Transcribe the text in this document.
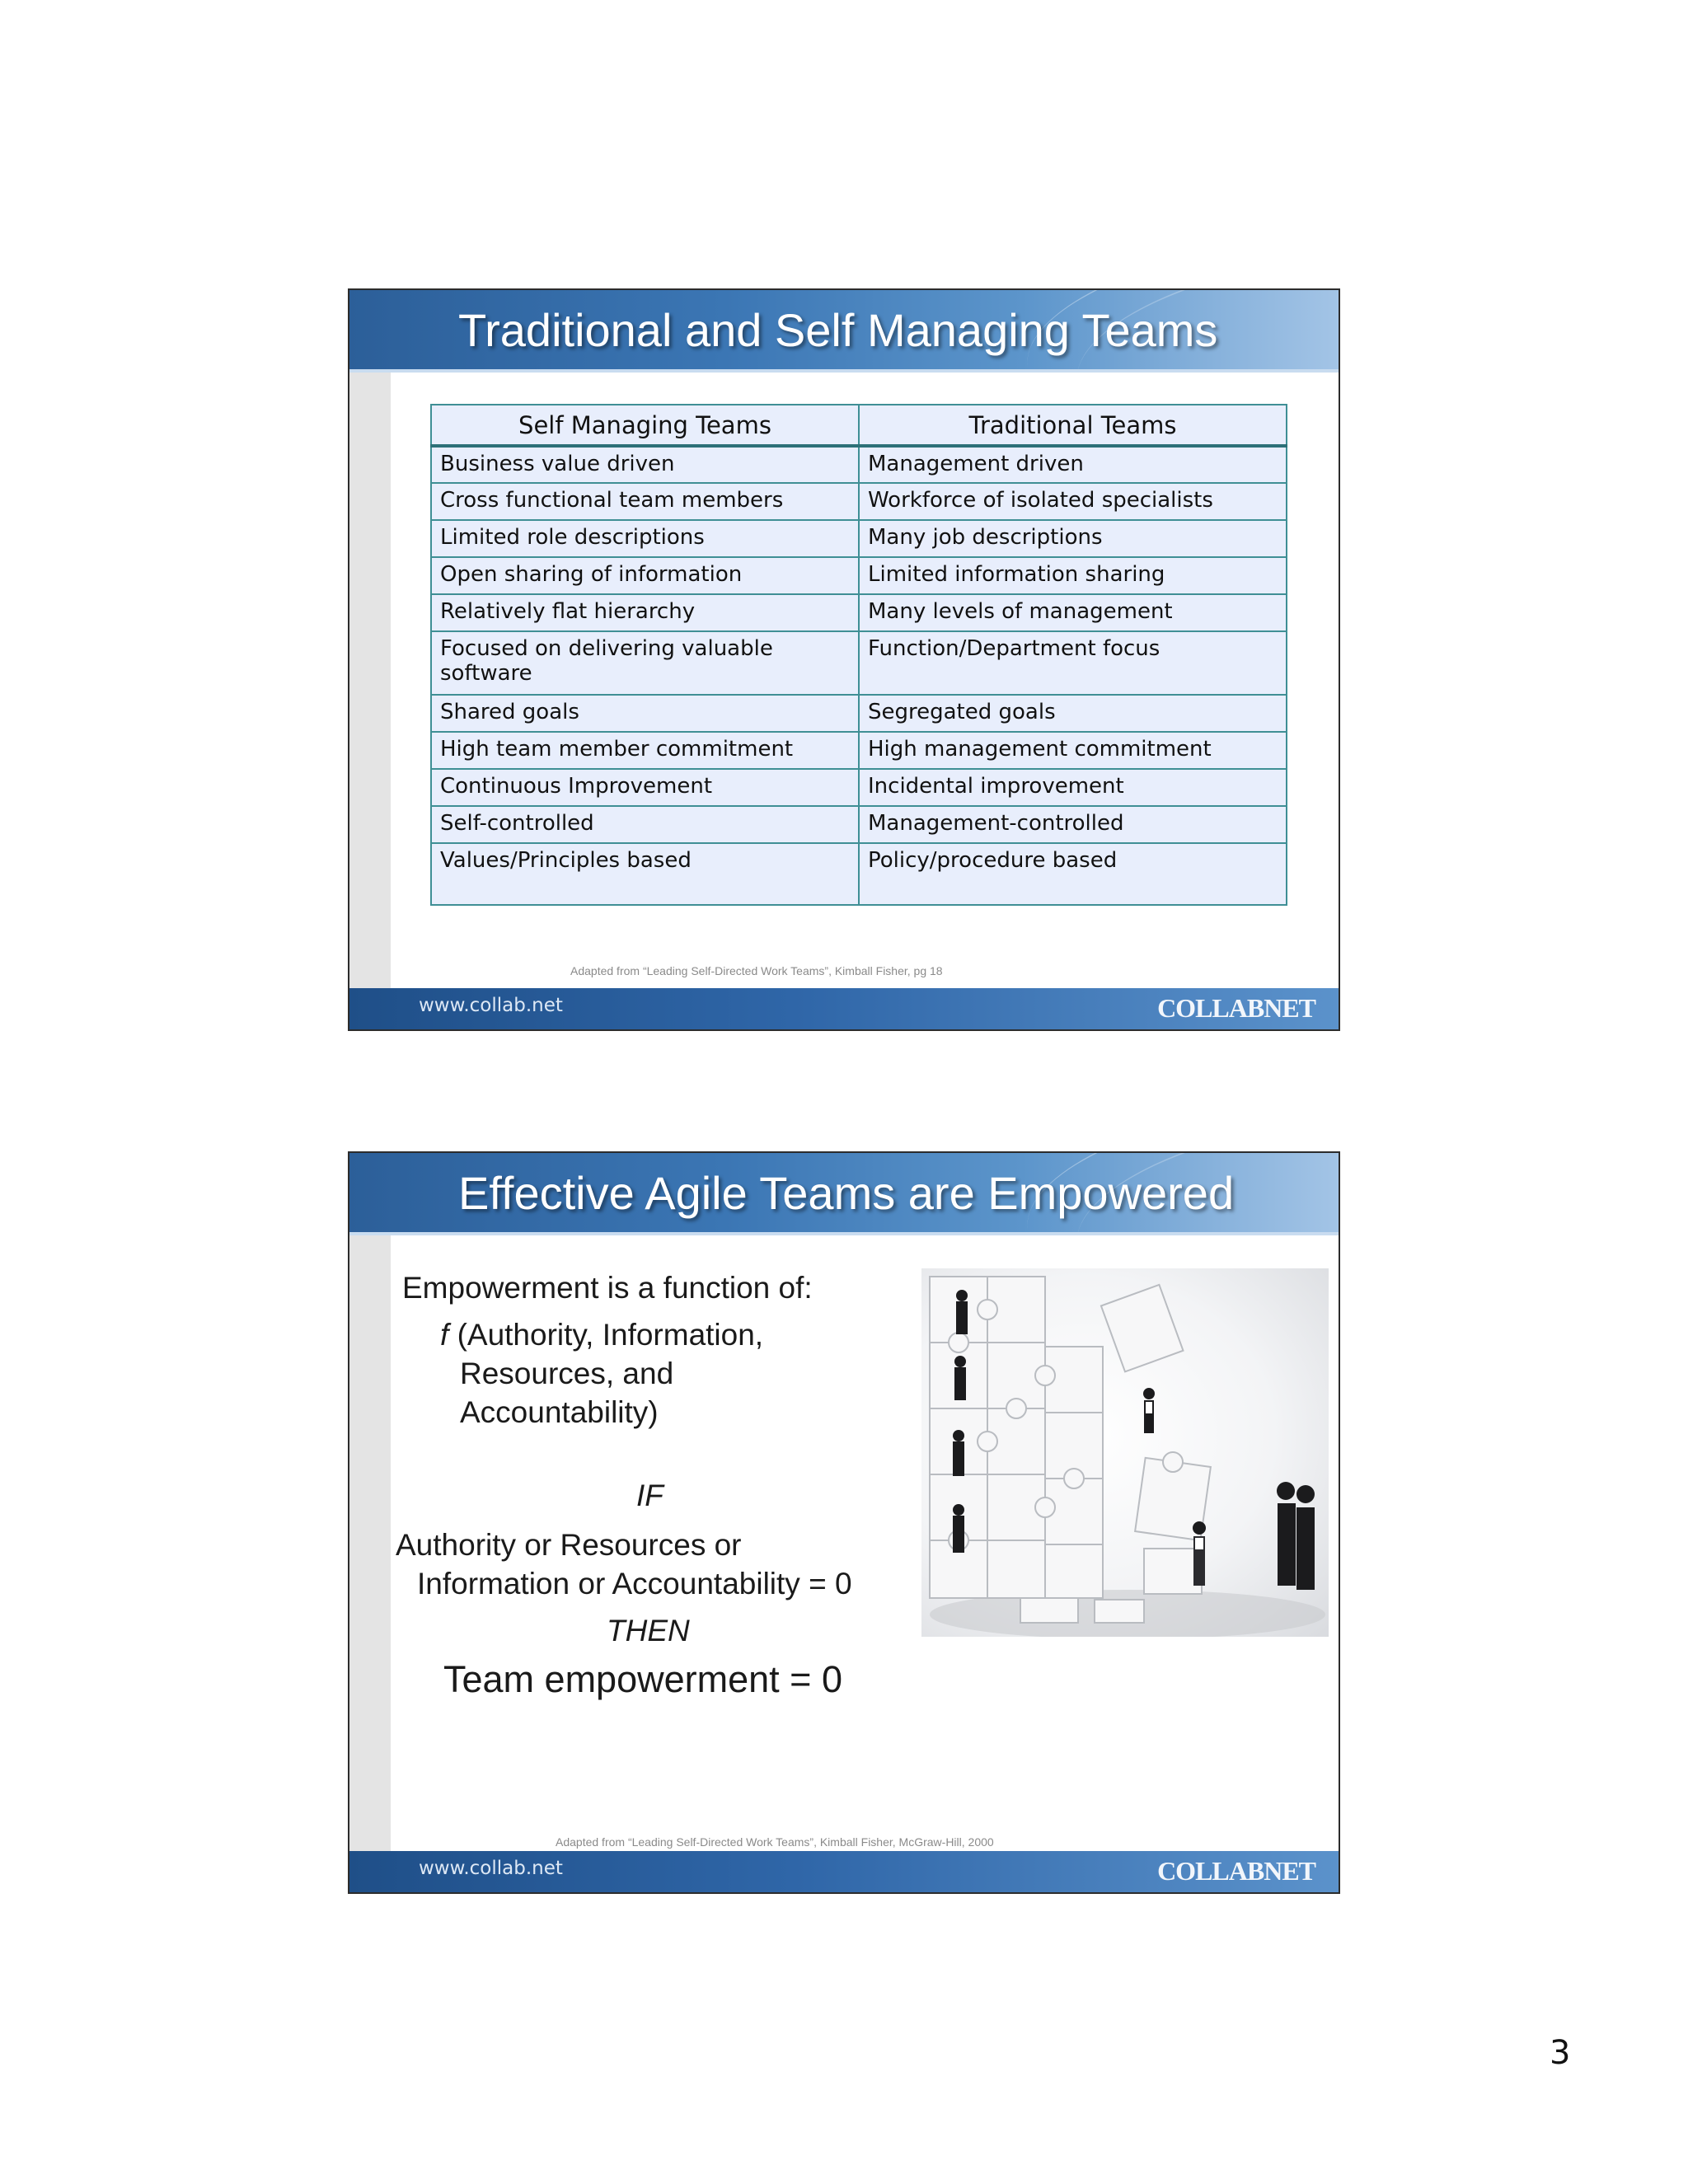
Traditional and Self Managing Teams
Self Managing Teams	Traditional Teams
Business value driven	Management driven
Cross functional team members	Workforce of isolated specialists
Limited role descriptions	Many job descriptions
Open sharing of information	Limited information sharing
Relatively flat hierarchy	Many levels of management
Focused on delivering valuable software	Function/Department focus
Shared goals	Segregated goals
High team member commitment	High management commitment
Continuous Improvement	Incidental improvement
Self-controlled	Management-controlled
Values/Principles based	Policy/procedure based
Adapted from “Leading Self-Directed Work Teams”, Kimball Fisher, pg 18
www.collab.net	COLLABNET
Effective Agile Teams are Empowered
Empowerment is a function of:
f (Authority, Information,
Resources, and
Accountability)
IF
Authority or Resources or
Information or Accountability = 0
THEN
Team empowerment = 0
Adapted from “Leading Self-Directed Work Teams”, Kimball Fisher, McGraw-Hill, 2000
www.collab.net	COLLABNET
3
